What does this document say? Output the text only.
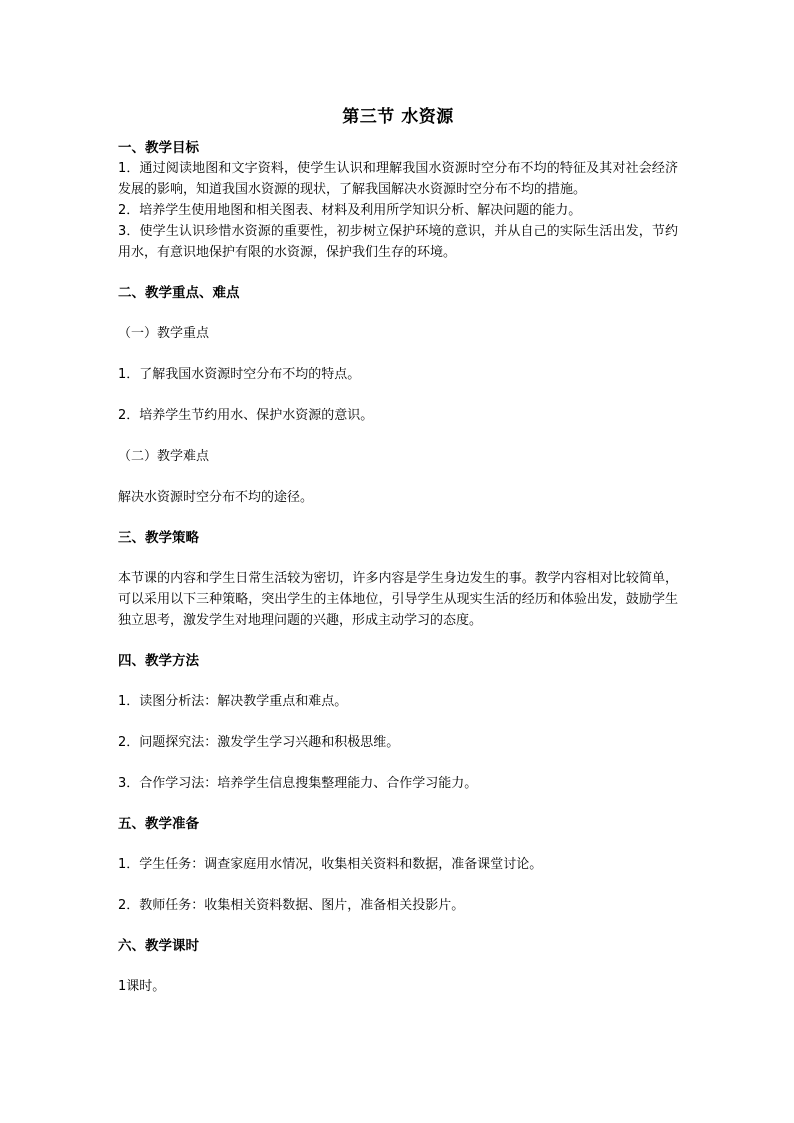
第三节 水资源
一、教学目标
1．通过阅读地图和文字资料，使学生认识和理解我国水资源时空分布不均的特征及其对社会经济发展的影响，知道我国水资源的现状，了解我国解决水资源时空分布不均的措施。
2．培养学生使用地图和相关图表、材料及利用所学知识分析、解决问题的能力。
3．使学生认识珍惜水资源的重要性，初步树立保护环境的意识，并从自己的实际生活出发，节约用水，有意识地保护有限的水资源，保护我们生存的环境。
二、教学重点、难点
（一）教学重点
1．了解我国水资源时空分布不均的特点。
2．培养学生节约用水、保护水资源的意识。
（二）教学难点
解决水资源时空分布不均的途径。
三、教学策略
本节课的内容和学生日常生活较为密切，许多内容是学生身边发生的事。教学内容相对比较简单，可以采用以下三种策略，突出学生的主体地位，引导学生从现实生活的经历和体验出发，鼓励学生独立思考，激发学生对地理问题的兴趣，形成主动学习的态度。
四、教学方法
1．读图分析法：解决教学重点和难点。
2．问题探究法：激发学生学习兴趣和积极思维。
3．合作学习法：培养学生信息搜集整理能力、合作学习能力。
五、教学准备
1．学生任务：调查家庭用水情况，收集相关资料和数据，准备课堂讨论。
2．教师任务：收集相关资料数据、图片，准备相关投影片。
六、教学课时
1课时。
